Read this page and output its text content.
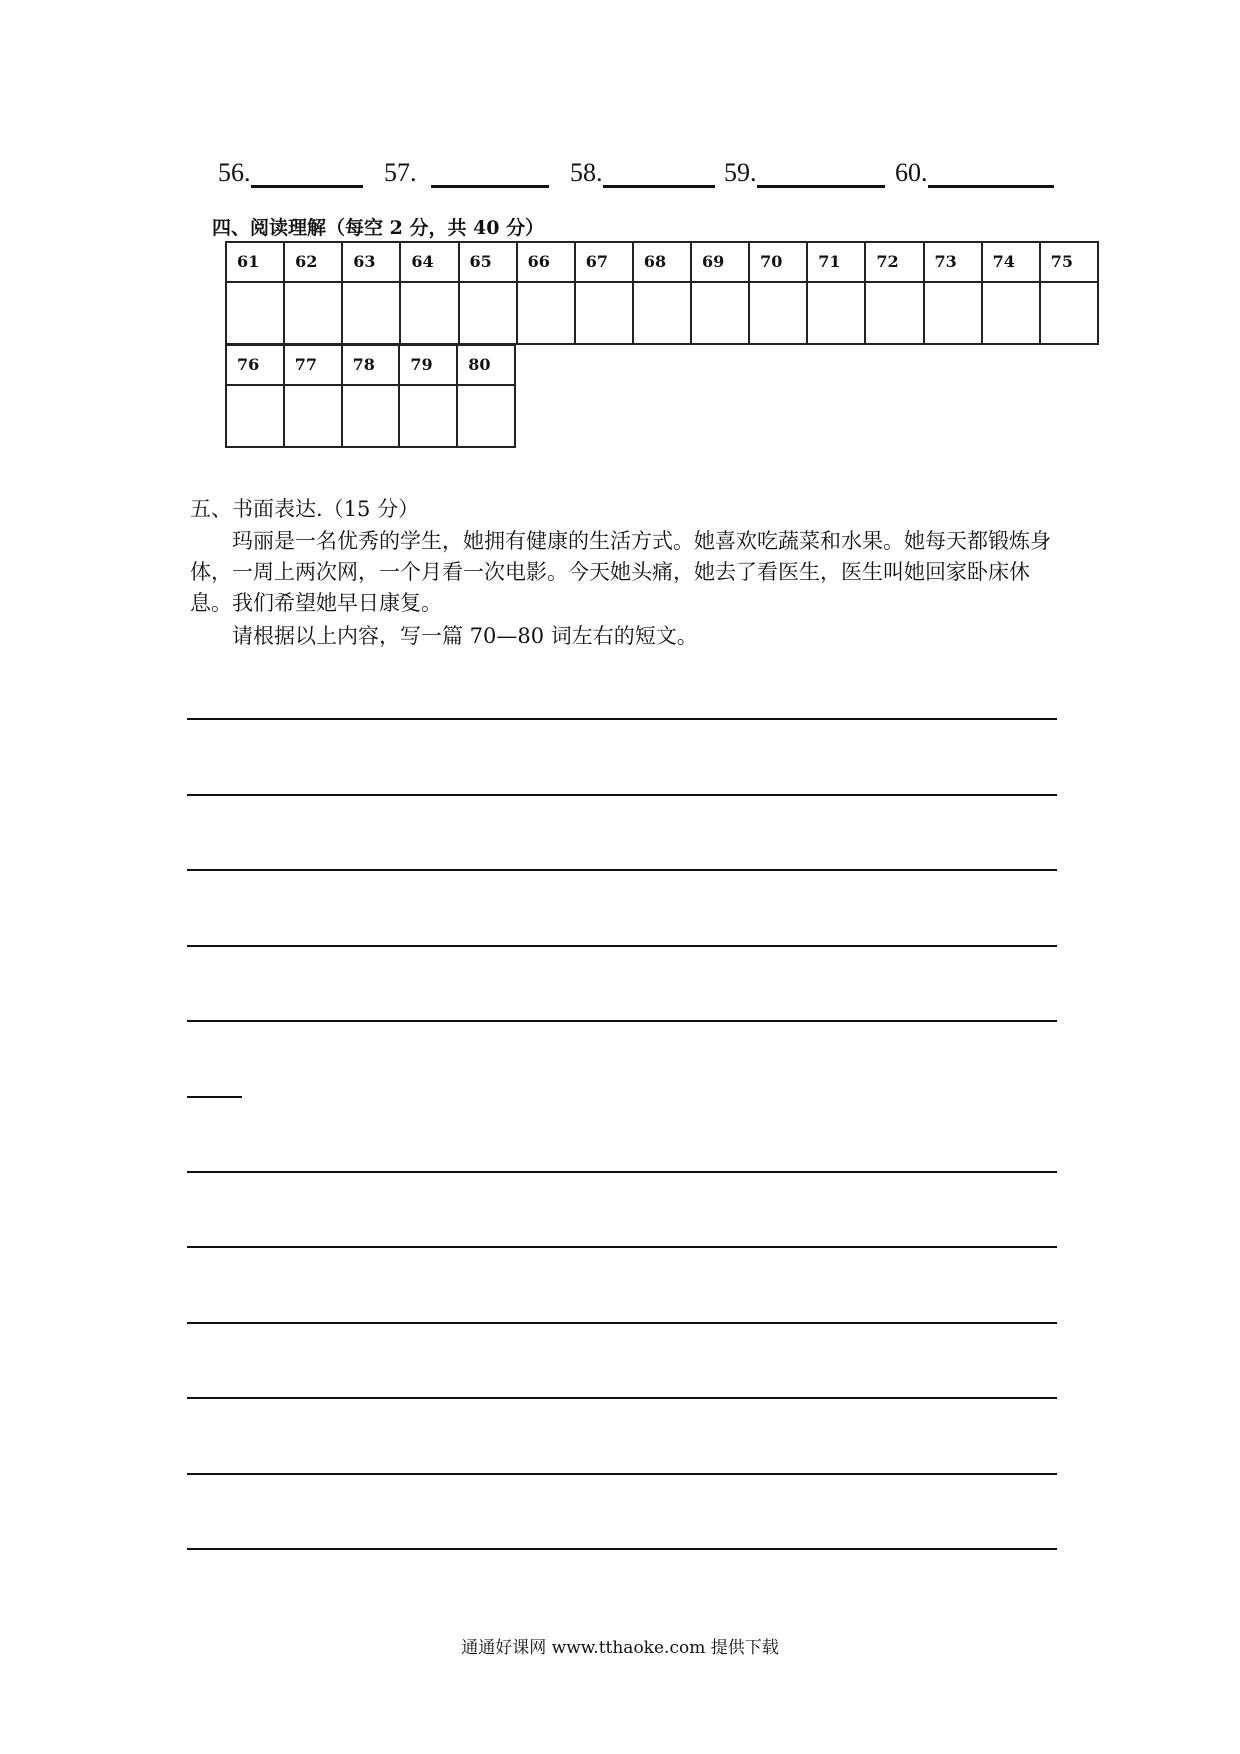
56.	57.	58.	59.	60.
四、阅读理解（每空 2 分，共 40 分）
61	62	63	64	65	66	67	68	69	70	71	72	73	74	75

76	77	78	79	80

五、书面表达.（15 分）

玛丽是一名优秀的学生，她拥有健康的生活方式。她喜欢吃蔬菜和水果。她每天都锻炼身体，一周上两次网，一个月看一次电影。今天她头痛，她去了看医生，医生叫她回家卧床休息。我们希望她早日康复。

请根据以上内容，写一篇 70—80 词左右的短文。
通通好课网 www.tthaoke.com 提供下载
